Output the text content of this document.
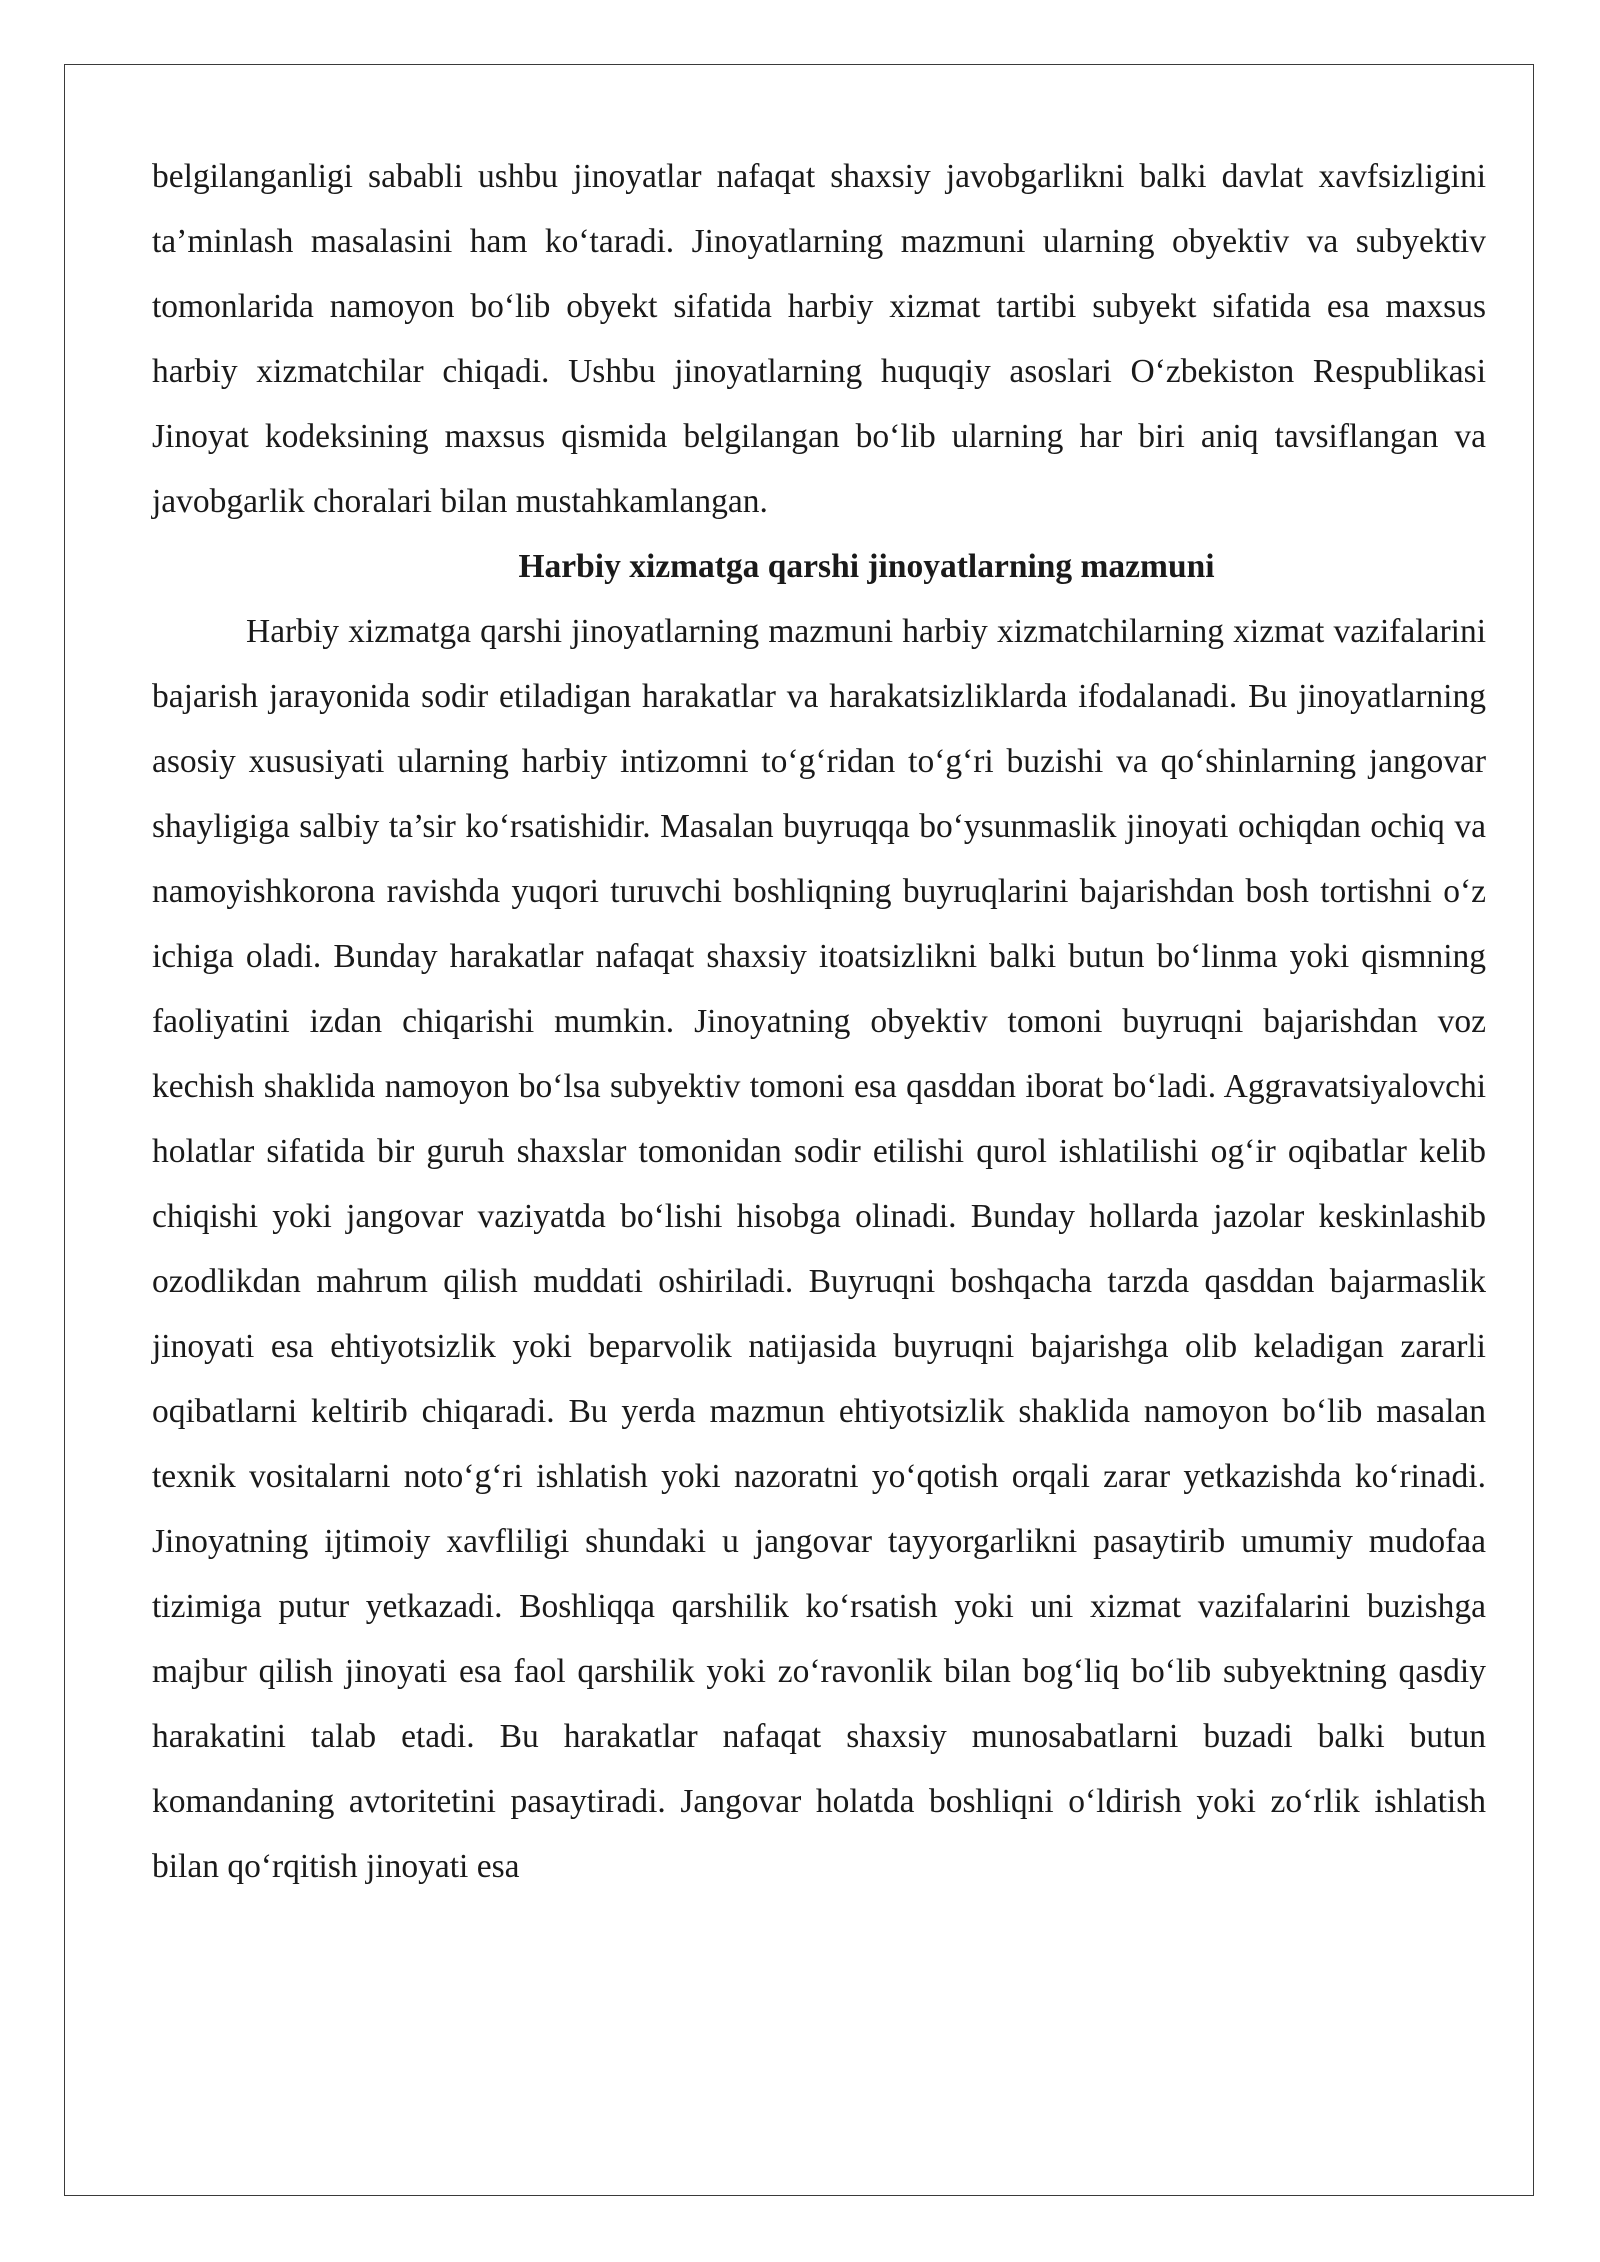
belgilanganligi sababli ushbu jinoyatlar nafaqat shaxsiy javobgarlikni balki davlat xavfsizligini ta’minlash masalasini ham ko‘taradi. Jinoyatlarning mazmuni ularning obyektiv va subyektiv tomonlarida namoyon bo‘lib obyekt sifatida harbiy xizmat tartibi subyekt sifatida esa maxsus harbiy xizmatchilar chiqadi. Ushbu jinoyatlarning huquqiy asoslari O‘zbekiston Respublikasi Jinoyat kodeksining maxsus qismida belgilangan bo‘lib ularning har biri aniq tavsiflangan va javobgarlik choralari bilan mustahkamlangan.

Harbiy xizmatga qarshi jinoyatlarning mazmuni

Harbiy xizmatga qarshi jinoyatlarning mazmuni harbiy xizmatchilarning xizmat vazifalarini bajarish jarayonida sodir etiladigan harakatlar va harakatsizliklarda ifodalanadi. Bu jinoyatlarning asosiy xususiyati ularning harbiy intizomni to‘g‘ridan to‘g‘ri buzishi va qo‘shinlarning jangovar shayligiga salbiy ta’sir ko‘rsatishidir. Masalan buyruqqa bo‘ysunmaslik jinoyati ochiqdan ochiq va namoyishkorona ravishda yuqori turuvchi boshliqning buyruqlarini bajarishdan bosh tortishni o‘z ichiga oladi. Bunday harakatlar nafaqat shaxsiy itoatsizlikni balki butun bo‘linma yoki qismning faoliyatini izdan chiqarishi mumkin. Jinoyatning obyektiv tomoni buyruqni bajarishdan voz kechish shaklida namoyon bo‘lsa subyektiv tomoni esa qasddan iborat bo‘ladi. Aggravatsiyalovchi holatlar sifatida bir guruh shaxslar tomonidan sodir etilishi qurol ishlatilishi og‘ir oqibatlar kelib chiqishi yoki jangovar vaziyatda bo‘lishi hisobga olinadi. Bunday hollarda jazolar keskinlashib ozodlikdan mahrum qilish muddati oshiriladi. Buyruqni boshqacha tarzda qasddan bajarmaslik jinoyati esa ehtiyotsizlik yoki beparvolik natijasida buyruqni bajarishga olib keladigan zararli oqibatlarni keltirib chiqaradi. Bu yerda mazmun ehtiyotsizlik shaklida namoyon bo‘lib masalan texnik vositalarni noto‘g‘ri ishlatish yoki nazoratni yo‘qotish orqali zarar yetkazishda ko‘rinadi. Jinoyatning ijtimoiy xavfliligi shundaki u jangovar tayyorgarlikni pasaytirib umumiy mudofaa tizimiga putur yetkazadi. Boshliqqa qarshilik ko‘rsatish yoki uni xizmat vazifalarini buzishga majbur qilish jinoyati esa faol qarshilik yoki zo‘ravonlik bilan bog‘liq bo‘lib subyektning qasdiy harakatini talab etadi. Bu harakatlar nafaqat shaxsiy munosabatlarni buzadi balki butun komandaning avtoritetini pasaytiradi. Jangovar holatda boshliqni o‘ldirish yoki zo‘rlik ishlatish bilan qo‘rqitish jinoyati esa
